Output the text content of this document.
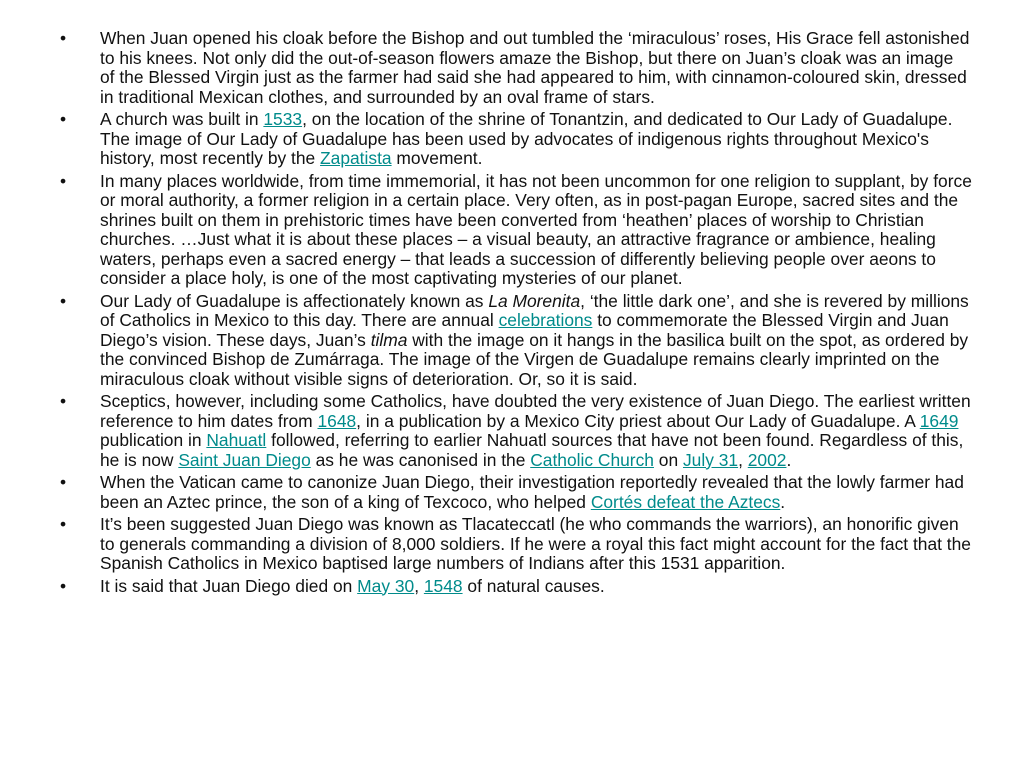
• When Juan opened his cloak before the Bishop and out tumbled the ‘miraculous’ roses, His Grace fell astonished to his knees. Not only did the out-of-season flowers amaze the Bishop, but there on Juan’s cloak was an image of the Blessed Virgin just as the farmer had said she had appeared to him, with cinnamon-coloured skin, dressed in traditional Mexican clothes, and surrounded by an oval frame of stars.
• A church was built in 1533, on the location of the shrine of Tonantzin, and dedicated to Our Lady of Guadalupe. The image of Our Lady of Guadalupe has been used by advocates of indigenous rights throughout Mexico's history, most recently by the Zapatista movement.
• In many places worldwide, from time immemorial, it has not been uncommon for one religion to supplant, by force or moral authority, a former religion in a certain place. Very often, as in post-pagan Europe, sacred sites and the shrines built on them in prehistoric times have been converted from ‘heathen’ places of worship to Christian churches. …Just what it is about these places – a visual beauty, an attractive fragrance or ambience, healing waters, perhaps even a sacred energy – that leads a succession of differently believing people over aeons to consider a place holy, is one of the most captivating mysteries of our planet.
• Our Lady of Guadalupe is affectionately known as La Morenita, ‘the little dark one’, and she is revered by millions of Catholics in Mexico to this day. There are annual celebrations to commemorate the Blessed Virgin and Juan Diego’s vision. These days, Juan’s tilma with the image on it hangs in the basilica built on the spot, as ordered by the convinced Bishop de Zumárraga. The image of the Virgen de Guadalupe remains clearly imprinted on the miraculous cloak without visible signs of deterioration. Or, so it is said.
• Sceptics, however, including some Catholics, have doubted the very existence of Juan Diego. The earliest written reference to him dates from 1648, in a publication by a Mexico City priest about Our Lady of Guadalupe. A 1649 publication in Nahuatl followed, referring to earlier Nahuatl sources that have not been found. Regardless of this, he is now Saint Juan Diego as he was canonised in the Catholic Church on July 31, 2002.
• When the Vatican came to canonize Juan Diego, their investigation reportedly revealed that the lowly farmer had been an Aztec prince, the son of a king of Texcoco, who helped Cortés defeat the Aztecs.
• It’s been suggested Juan Diego was known as Tlacateccatl (he who commands the warriors), an honorific given to generals commanding a division of 8,000 soldiers. If he were a royal this fact might account for the fact that the Spanish Catholics in Mexico baptised large numbers of Indians after this 1531 apparition.
• It is said that Juan Diego died on May 30, 1548 of natural causes.
